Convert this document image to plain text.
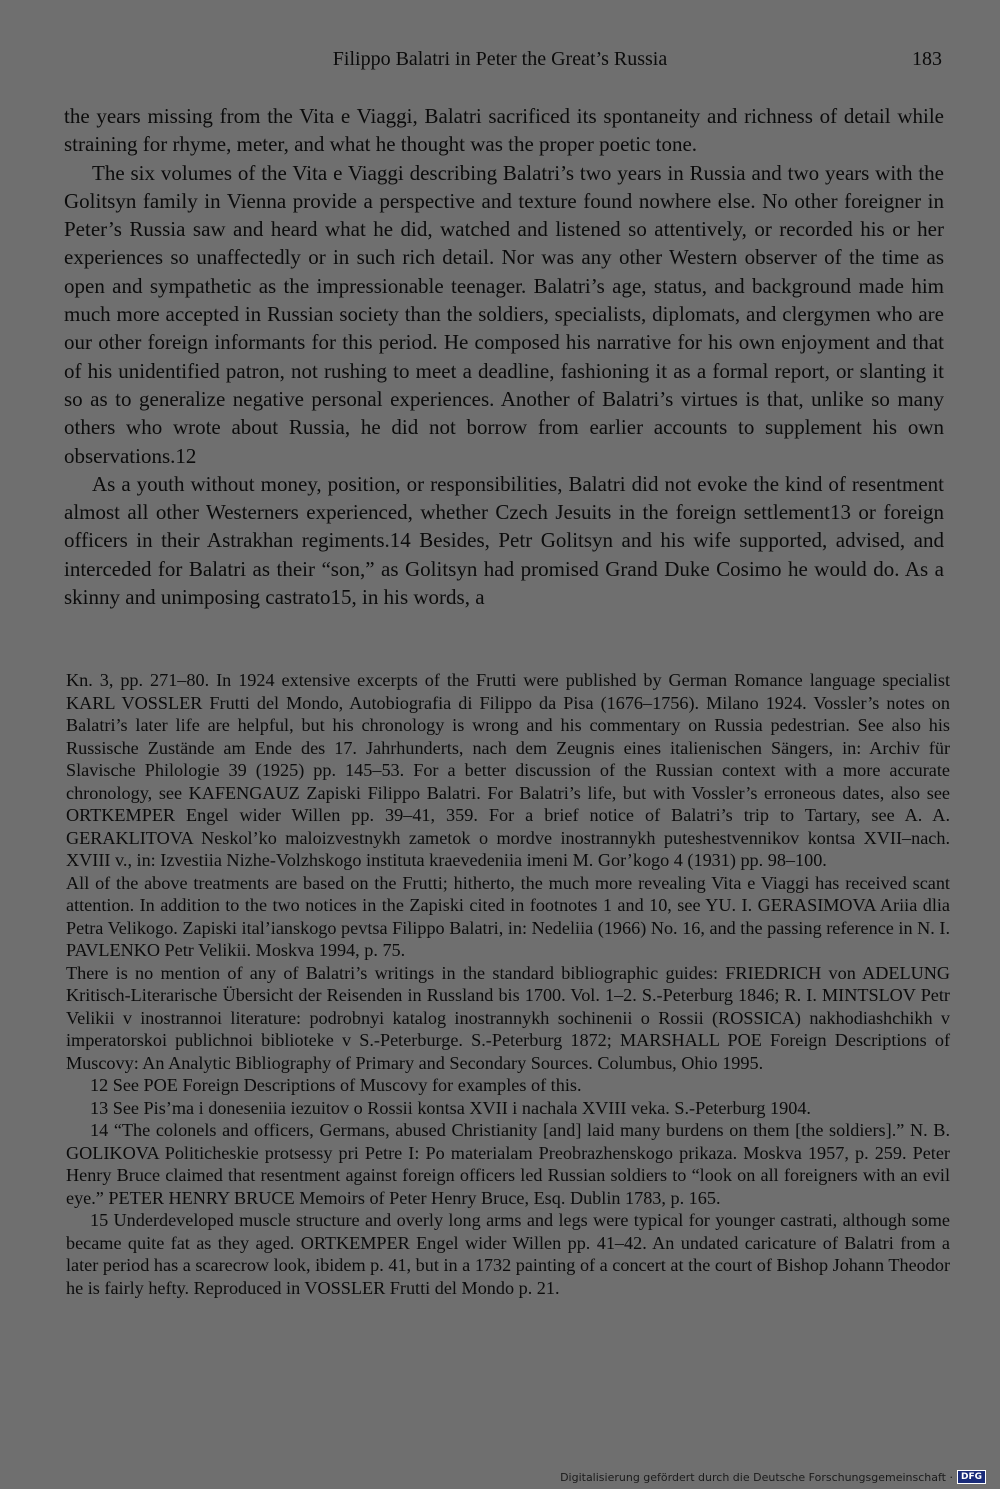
Filippo Balatri in Peter the Great’s Russia	183

the years missing from the Vita e Viaggi, Balatri sacrificed its spontaneity and richness of detail while straining for rhyme, meter, and what he thought was the proper poetic tone.

The six volumes of the Vita e Viaggi describing Balatri’s two years in Russia and two years with the Golitsyn family in Vienna provide a perspective and texture found nowhere else. No other foreigner in Peter’s Russia saw and heard what he did, watched and listened so attentively, or recorded his or her experiences so unaffectedly or in such rich detail. Nor was any other Western observer of the time as open and sympathetic as the impressionable teenager. Balatri’s age, status, and background made him much more accepted in Russian society than the soldiers, specialists, diplomats, and clergymen who are our other foreign informants for this period. He composed his narrative for his own enjoyment and that of his unidentified patron, not rushing to meet a deadline, fashioning it as a formal report, or slanting it so as to generalize negative personal experiences. Another of Balatri’s virtues is that, unlike so many others who wrote about Russia, he did not borrow from earlier accounts to supplement his own observations.12

As a youth without money, position, or responsibilities, Balatri did not evoke the kind of resentment almost all other Westerners experienced, whether Czech Jesuits in the foreign settlement13 or foreign officers in their Astrakhan regiments.14 Besides, Petr Golitsyn and his wife supported, advised, and interceded for Balatri as their “son,” as Golitsyn had promised Grand Duke Cosimo he would do. As a skinny and unimposing castrato15, in his words, a

Kn. 3, pp. 271–80. In 1924 extensive excerpts of the Frutti were published by German Romance language specialist KARL VOSSLER Frutti del Mondo, Autobiografia di Filippo da Pisa (1676–1756). Milano 1924. Vossler’s notes on Balatri’s later life are helpful, but his chronology is wrong and his commentary on Russia pedestrian. See also his Russische Zustände am Ende des 17. Jahrhunderts, nach dem Zeugnis eines italienischen Sängers, in: Archiv für Slavische Philologie 39 (1925) pp. 145–53. For a better discussion of the Russian context with a more accurate chronology, see KAFENGAUZ Zapiski Filippo Balatri. For Balatri’s life, but with Vossler’s erroneous dates, also see ORTKEMPER Engel wider Willen pp. 39–41, 359. For a brief notice of Balatri’s trip to Tartary, see A. A. GERAKLITOVA Neskol’ko maloizvestnykh zametok o mordve inostrannykh puteshestvennikov kontsa XVII–nach. XVIII v., in: Izvestiia Nizhe-Volzhskogo instituta kraevedeniia imeni M. Gor’kogo 4 (1931) pp. 98–100.

All of the above treatments are based on the Frutti; hitherto, the much more revealing Vita e Viaggi has received scant attention. In addition to the two notices in the Zapiski cited in footnotes 1 and 10, see YU. I. GERASIMOVA Ariia dlia Petra Velikogo. Zapiski ital’ianskogo pevtsa Filippo Balatri, in: Nedeliia (1966) No. 16, and the passing reference in N. I. PAVLENKO Petr Velikii. Moskva 1994, p. 75.

There is no mention of any of Balatri’s writings in the standard bibliographic guides: FRIEDRICH von ADELUNG Kritisch-Literarische Übersicht der Reisenden in Russland bis 1700. Vol. 1–2. S.-Peterburg 1846; R. I. MINTSLOV Petr Velikii v inostrannoi literature: podrobnyi katalog inostrannykh sochinenii o Rossii (ROSSICA) nakhodiashchikh v imperatorskoi publichnoi biblioteke v S.-Peterburge. S.-Peterburg 1872; MARSHALL POE Foreign Descriptions of Muscovy: An Analytic Bibliography of Primary and Secondary Sources. Columbus, Ohio 1995.

12 See POE Foreign Descriptions of Muscovy for examples of this.

13 See Pis’ma i doneseniia iezuitov o Rossii kontsa XVII i nachala XVIII veka. S.-Peterburg 1904.

14 “The colonels and officers, Germans, abused Christianity [and] laid many burdens on them [the soldiers].” N. B. GOLIKOVA Politicheskie protsessy pri Petre I: Po materialam Preobrazhenskogo prikaza. Moskva 1957, p. 259. Peter Henry Bruce claimed that resentment against foreign officers led Russian soldiers to “look on all foreigners with an evil eye.” PETER HENRY BRUCE Memoirs of Peter Henry Bruce, Esq. Dublin 1783, p. 165.

15 Underdeveloped muscle structure and overly long arms and legs were typical for younger castrati, although some became quite fat as they aged. ORTKEMPER Engel wider Willen pp. 41–42. An undated caricature of Balatri from a later period has a scarecrow look, ibidem p. 41, but in a 1732 painting of a concert at the court of Bishop Johann Theodor he is fairly hefty. Reproduced in VOSSLER Frutti del Mondo p. 21.

Digitalisierung gefördert durch die Deutsche Forschungsgemeinschaft · DFG
